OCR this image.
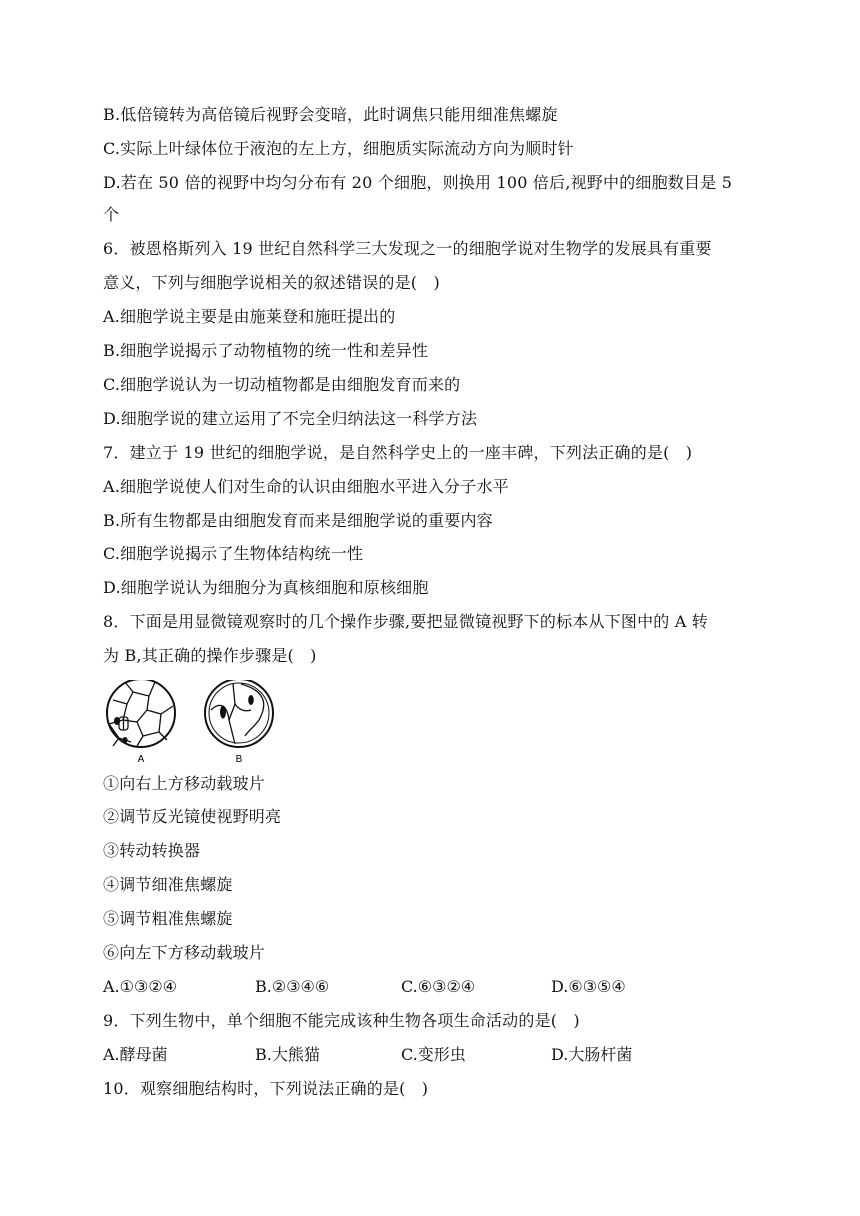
B.低倍镜转为高倍镜后视野会变暗，此时调焦只能用细准焦螺旋
C.实际上叶绿体位于液泡的左上方，细胞质实际流动方向为顺时针
D.若在 50 倍的视野中均匀分布有 20 个细胞，则换用 100 倍后,视野中的细胞数目是 5
个
6．被恩格斯列入 19 世纪自然科学三大发现之一的细胞学说对生物学的发展具有重要
意义，下列与细胞学说相关的叙述错误的是(　)
A.细胞学说主要是由施莱登和施旺提出的
B.细胞学说揭示了动物植物的统一性和差异性
C.细胞学说认为一切动植物都是由细胞发育而来的
D.细胞学说的建立运用了不完全归纳法这一科学方法
7．建立于 19 世纪的细胞学说，是自然科学史上的一座丰碑，下列法正确的是(　)
A.细胞学说使人们对生命的认识由细胞水平进入分子水平
B.所有生物都是由细胞发育而来是细胞学说的重要内容
C.细胞学说揭示了生物体结构统一性
D.细胞学说认为细胞分为真核细胞和原核细胞
8．下面是用显微镜观察时的几个操作步骤,要把显微镜视野下的标本从下图中的 A 转
为 B,其正确的操作步骤是(　)
A	B
①向右上方移动载玻片
②调节反光镜使视野明亮
③转动转换器
④调节细准焦螺旋
⑤调节粗准焦螺旋
⑥向左下方移动载玻片
A.①③②④	B.②③④⑥	C.⑥③②④	D.⑥③⑤④
9．下列生物中，单个细胞不能完成该种生物各项生命活动的是(　)
A.酵母菌	B.大熊猫	C.变形虫	D.大肠杆菌
10．观察细胞结构时，下列说法正确的是(　)
